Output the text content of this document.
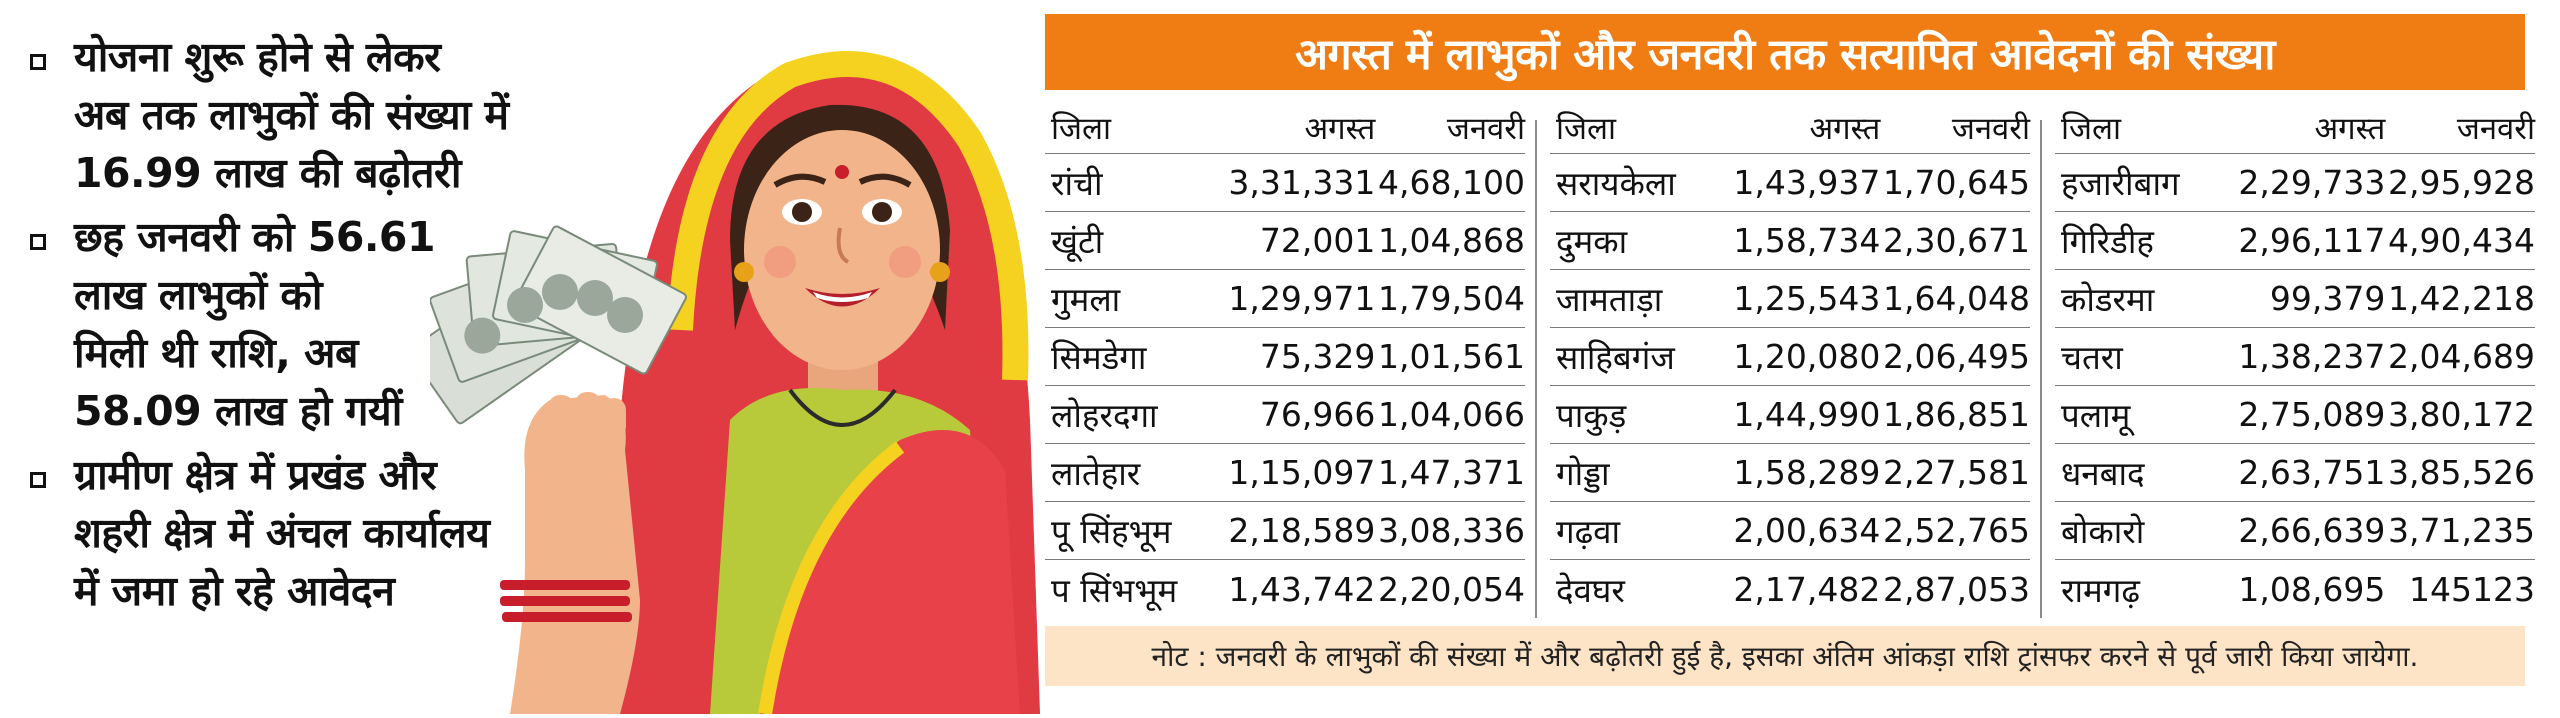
योजना शुरू होने से लेकर
अब तक लाभुकों की संख्या में
16.99 लाख की बढ़ोतरी
छह जनवरी को 56.61
लाख लाभुकों को
मिली थी राशि, अब
58.09 लाख हो गयीं
ग्रामीण क्षेत्र में प्रखंड और
शहरी क्षेत्र में अंचल कार्यालय
में जमा हो रहे आवेदन
अगस्त में लाभुकों और जनवरी तक सत्यापित आवेदनों की संख्या
जिला	अगस्त	जनवरी
रांची	3,31,331 4,68,100
खूंटी	72,001 1,04,868
गुमला	1,29,971 1,79,504
सिमडेगा	75,329 1,01,561
लोहरदगा	76,966 1,04,066
लातेहार	1,15,097 1,47,371
पू सिंहभूम	2,18,589 3,08,336
प सिंभभूम	1,43,742 2,20,054
जिला	अगस्त	जनवरी
सरायकेला	1,43,937 1,70,645
दुमका	1,58,734 2,30,671
जामताड़ा	1,25,543 1,64,048
साहिबगंज	1,20,080 2,06,495
पाकुड़	1,44,990 1,86,851
गोड्डा	1,58,289 2,27,581
गढ़वा	2,00,634 2,52,765
देवघर	2,17,482 2,87,053
जिला	अगस्त	जनवरी
हजारीबाग	2,29,733 2,95,928
गिरिडीह	2,96,117 4,90,434
कोडरमा	99,379 1,42,218
चतरा	1,38,237 2,04,689
पलामू	2,75,089 3,80,172
धनबाद	2,63,751 3,85,526
बोकारो	2,66,639 3,71,235
रामगढ़	1,08,695 145123
नोट : जनवरी के लाभुकों की संख्या में और बढ़ोतरी हुई है, इसका अंतिम आंकड़ा राशि ट्रांसफर करने से पूर्व जारी किया जायेगा.
